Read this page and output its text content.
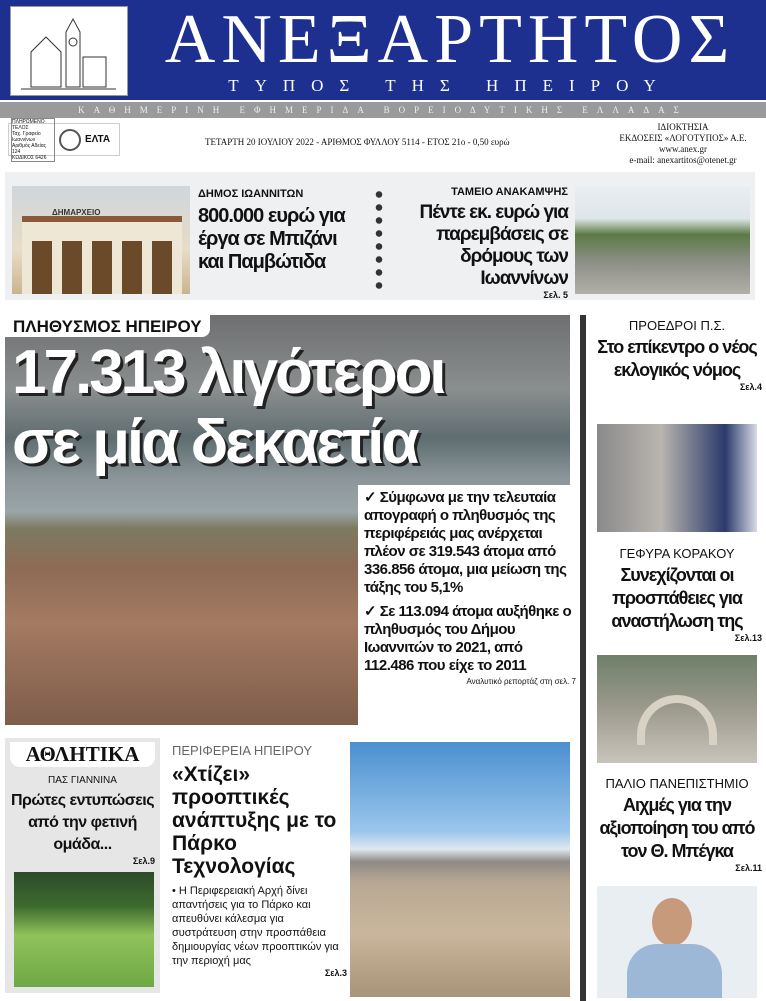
ΑΝΕΞΑΡΤΗΤΟΣ
ΤΥΠΟΣ ΤΗΣ ΗΠΕΙΡΟΥ
ΚΑΘΗΜΕΡΙΝΗ ΕΦΗΜΕΡΙΔΑ ΒΟΡΕΙΟΔΥΤΙΚΗΣ ΕΛΛΑΔΑΣ
ΠΛΗΡΩΜΕΝΟ ΤΕΛΟΣ
Ταχ. Γραφείο Ιωαννίνων
Αριθμός Αδείας 124
ΚΩΔΙΚΟΣ 6426
ΕΛΤΑ	ΤΕΤΑΡΤΗ 20 ΙΟΥΛΙΟΥ 2022 - ΑΡΙΘΜΟΣ ΦΥΛΛΟΥ 5114 - ΕΤΟΣ 21ο - 0,50 ευρώ
ΙΔΙΟΚΤΗΣΙΑ
ΕΚΔΟΣΕΙΣ «ΛΟΓΟΤΥΠΟΣ» Α.Ε.
www.anex.gr
e-mail: anexartitos@otenet.gr
ΔΗΜΑΡΧΕΙΟ
ΔΗΜΟΣ ΙΩΑΝΝΙΤΩΝ
800.000 ευρώ για έργα σε Μπιζάνι και Παμβώτιδα
ΤΑΜΕΙΟ ΑΝΑΚΑΜΨΗΣ
Πέντε εκ. ευρώ για παρεμβάσεις σε δρόμους των Ιωαννίνων
Σελ. 5
ΠΛΗΘΥΣΜΟΣ ΗΠΕΙΡΟΥ
17.313 λιγότεροι
σε μία δεκαετία
✓ Σύμφωνα με την τελευταία απογραφή ο πληθυσμός της περιφέρειάς μας ανέρχεται πλέον σε 319.543 άτομα από 336.856 άτομα, μια μείωση της τάξης του 5,1%
✓ Σε 113.094 άτομα αυξήθηκε ο πληθυσμός του Δήμου Ιωαννιτών το 2021, από 112.486 που είχε το 2011
Αναλυτικό ρεπορτάζ στη σελ. 7
ΠΡΟΕΔΡΟΙ Π.Σ.
Στο επίκεντρο ο νέος εκλογικός νόμος
Σελ.4
ΓΕΦΥΡΑ ΚΟΡΑΚΟΥ
Συνεχίζονται οι προσπάθειες για αναστήλωση της
Σελ.13
ΠΑΛΙΟ ΠΑΝΕΠΙΣΤΗΜΙΟ
Αιχμές για την αξιοποίηση του από τον Θ. Μπέγκα
Σελ.11
ΑΘΛΗΤΙΚΑ
ΠΑΣ ΓΙΑΝΝΙΝΑ
Πρώτες εντυπώσεις από την φετινή ομάδα...
Σελ.9
ΠΕΡΙΦΕΡΕΙΑ ΗΠΕΙΡΟΥ
«Χτίζει» προοπτικές ανάπτυξης με το Πάρκο Τεχνολογίας
• Η Περιφερειακή Αρχή δίνει απαντήσεις για το Πάρκο και απευθύνει κάλεσμα για συστράτευση στην προσπάθεια δημιουργίας νέων προοπτικών για την περιοχή μας
Σελ.3
